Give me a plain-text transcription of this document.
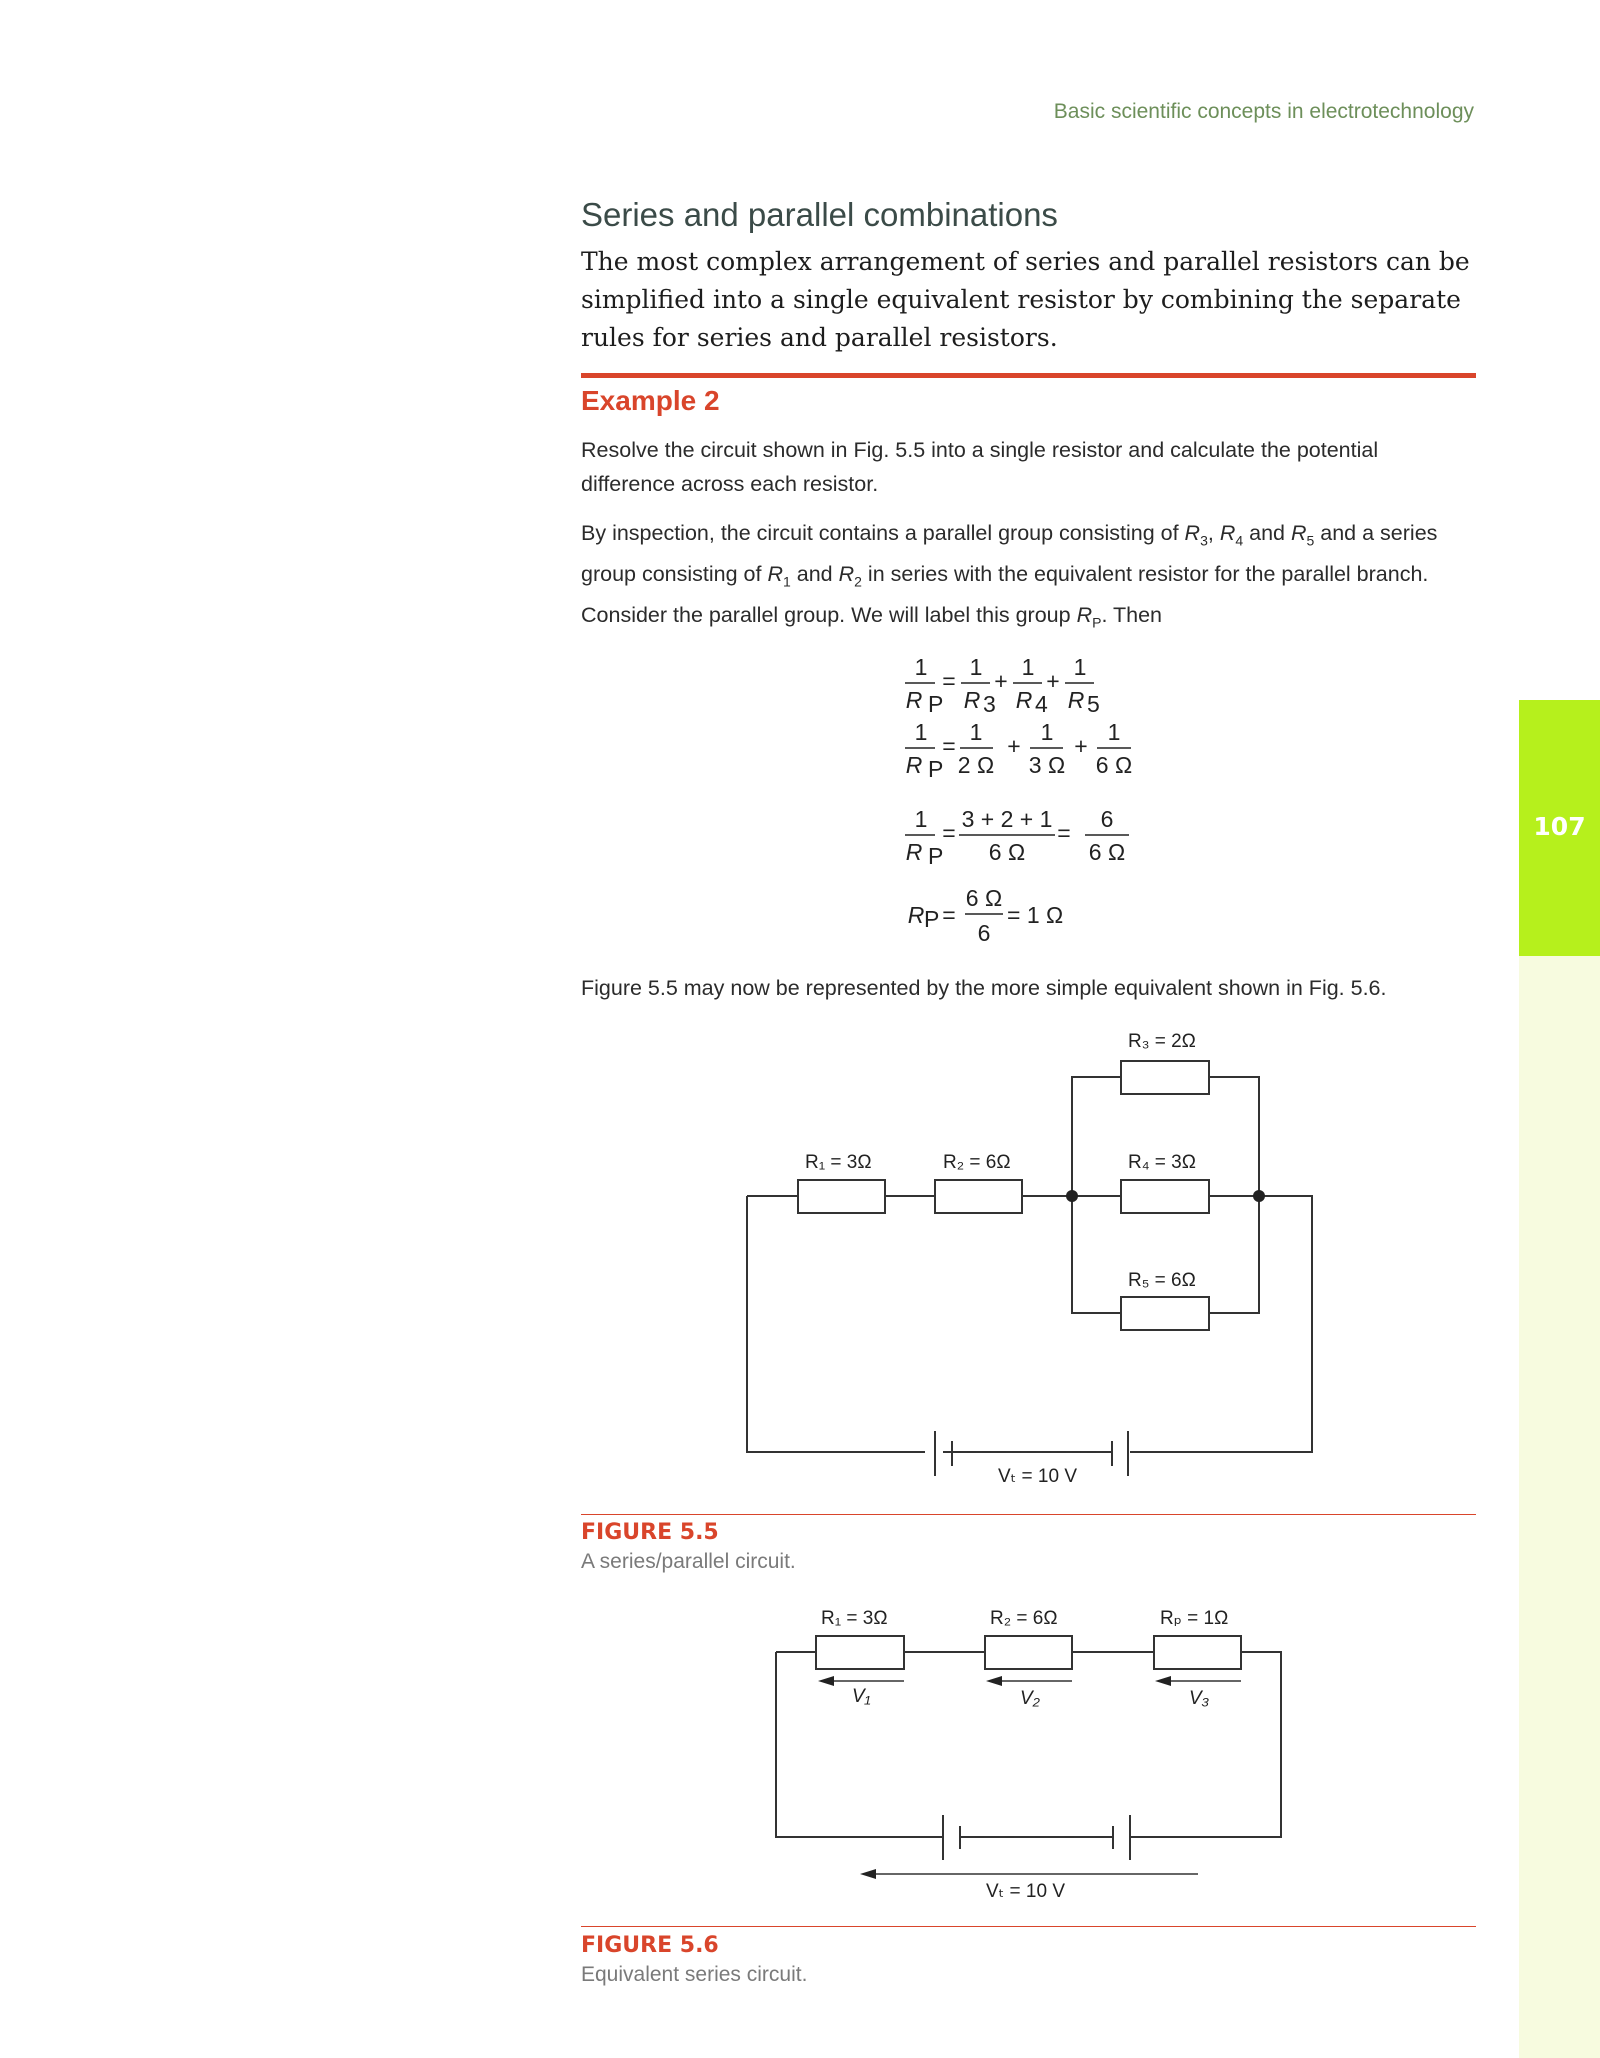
Basic scientific concepts in electrotechnology
107
Series and parallel combinations
The most complex arrangement of series and parallel resistors can be simplified into a single equivalent resistor by combining the separate rules for series and parallel resistors.
Example 2
Resolve the circuit shown in Fig. 5.5 into a single resistor and calculate the potential difference across each resistor.
By inspection, the circuit contains a parallel group consisting of $R_3$, $R_4$ and $R_5$ and a series group consisting of $R_1$ and $R_2$ in series with the equivalent resistor for the parallel branch.
Consider the parallel group. We will label this group $R_P$. Then
1
R P
=
1
R 3
+
1
R 4
+
1
R 5
1
R P
=
1
2 Ω
+
1
3 Ω
+
1
6 Ω
1
R P
=
3 + 2 + 1
6 Ω
=
6
6 Ω
R P =
6 Ω
6
= 1 Ω
Figure 5.5 may now be represented by the more simple equivalent shown in Fig. 5.6.
R₁ = 3Ω	R₂ = 6Ω
R₃ = 2Ω
R₄ = 3Ω
R₅ = 6Ω
Vₜ = 10 V
FIGURE 5.5
A series/parallel circuit.
R₁ = 3Ω	R₂ = 6Ω	Rₚ = 1Ω
V₁	V₂	V₃
Vₜ = 10 V
FIGURE 5.6
Equivalent series circuit.
